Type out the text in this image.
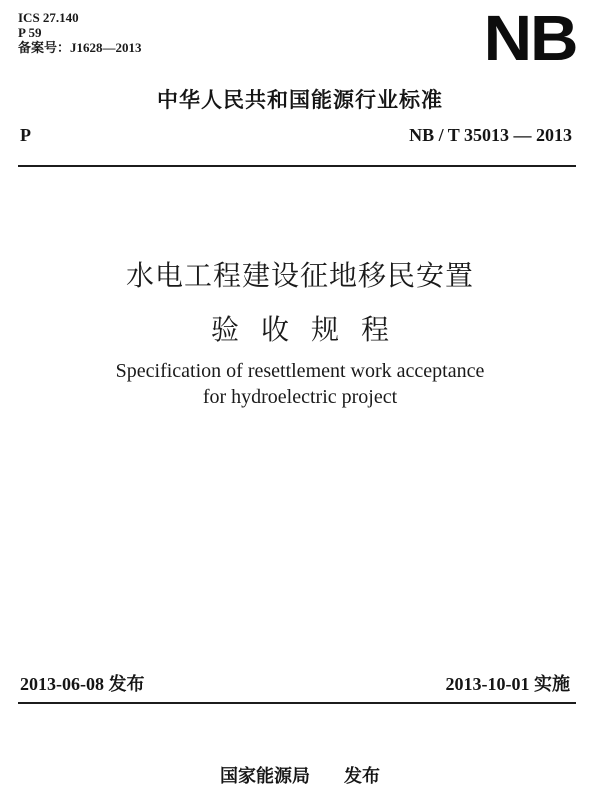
ICS 27.140
P 59
备案号：J1628—2013	NB
中华人民共和国能源行业标准
P	NB / T 35013 — 2013
水电工程建设征地移民安置
验收规程
Specification of resettlement work acceptance
for hydroelectric project
2013-06-08 发布	2013-10-01 实施
国家能源局 发布
